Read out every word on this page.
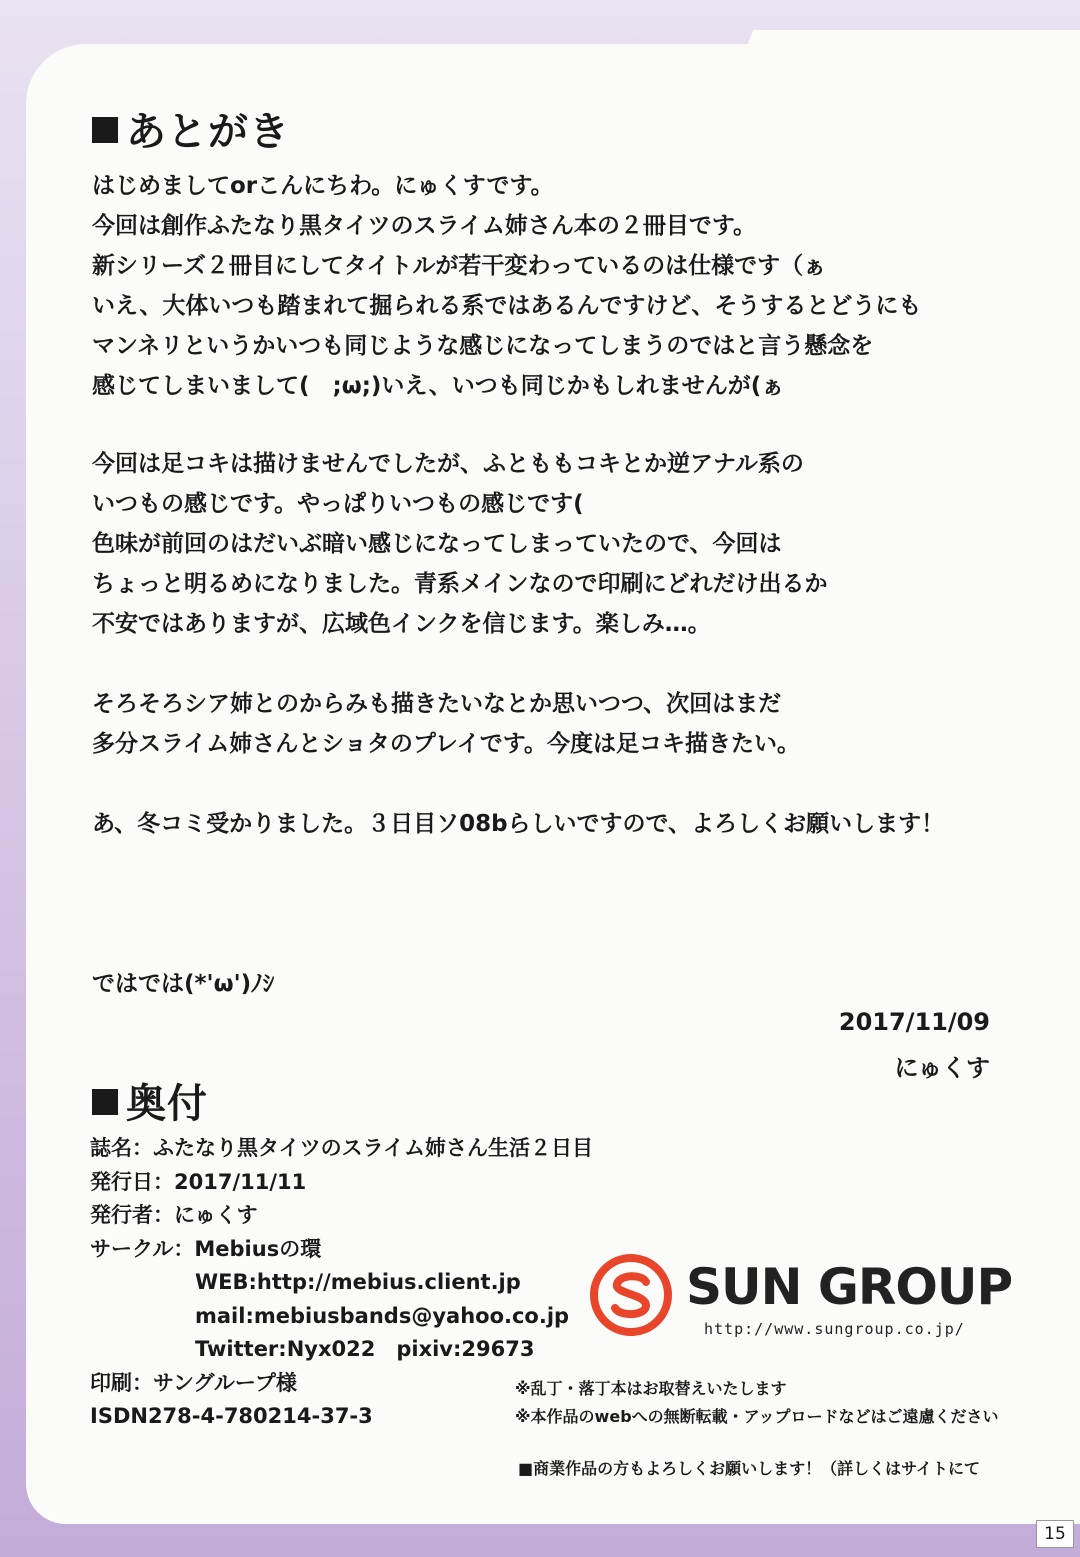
あとがき
はじめましてorこんにちわ。にゅくすです。
今回は創作ふたなり黒タイツのスライム姉さん本の２冊目です。
新シリーズ２冊目にしてタイトルが若干変わっているのは仕様です（ぁ
いえ、大体いつも踏まれて掘られる系ではあるんですけど、そうするとどうにも
マンネリというかいつも同じような感じになってしまうのではと言う懸念を
感じてしまいまして(　;ω;)いえ、いつも同じかもしれませんが(ぁ
今回は足コキは描けませんでしたが、ふとももコキとか逆アナル系の
いつもの感じです。やっぱりいつもの感じです(
色味が前回のはだいぶ暗い感じになってしまっていたので、今回は
ちょっと明るめになりました。青系メインなので印刷にどれだけ出るか
不安ではありますが、広域色インクを信じます。楽しみ…。
そろそろシア姉とのからみも描きたいなとか思いつつ、次回はまだ
多分スライム姉さんとショタのプレイです。今度は足コキ描きたい。
あ、冬コミ受かりました。３日目ソ08bらしいですので、よろしくお願いします！
ではでは(*'ω')ﾉｼ
2017/11/09
にゅくす
奥付
誌名：ふたなり黒タイツのスライム姉さん生活２日目
発行日：2017/11/11
発行者：にゅくす
サークル：Mebiusの環
WEB:http://mebius.client.jp
mail:mebiusbands@yahoo.co.jp
Twitter:Nyx022　pixiv:29673
印刷：サングループ様
ISDN278-4-780214-37-3
SUN GROUP
http://www.sungroup.co.jp/
※乱丁・落丁本はお取替えいたします
※本作品のwebへの無断転載・アップロードなどはご遠慮ください
■商業作品の方もよろしくお願いします！（詳しくはサイトにて
15
